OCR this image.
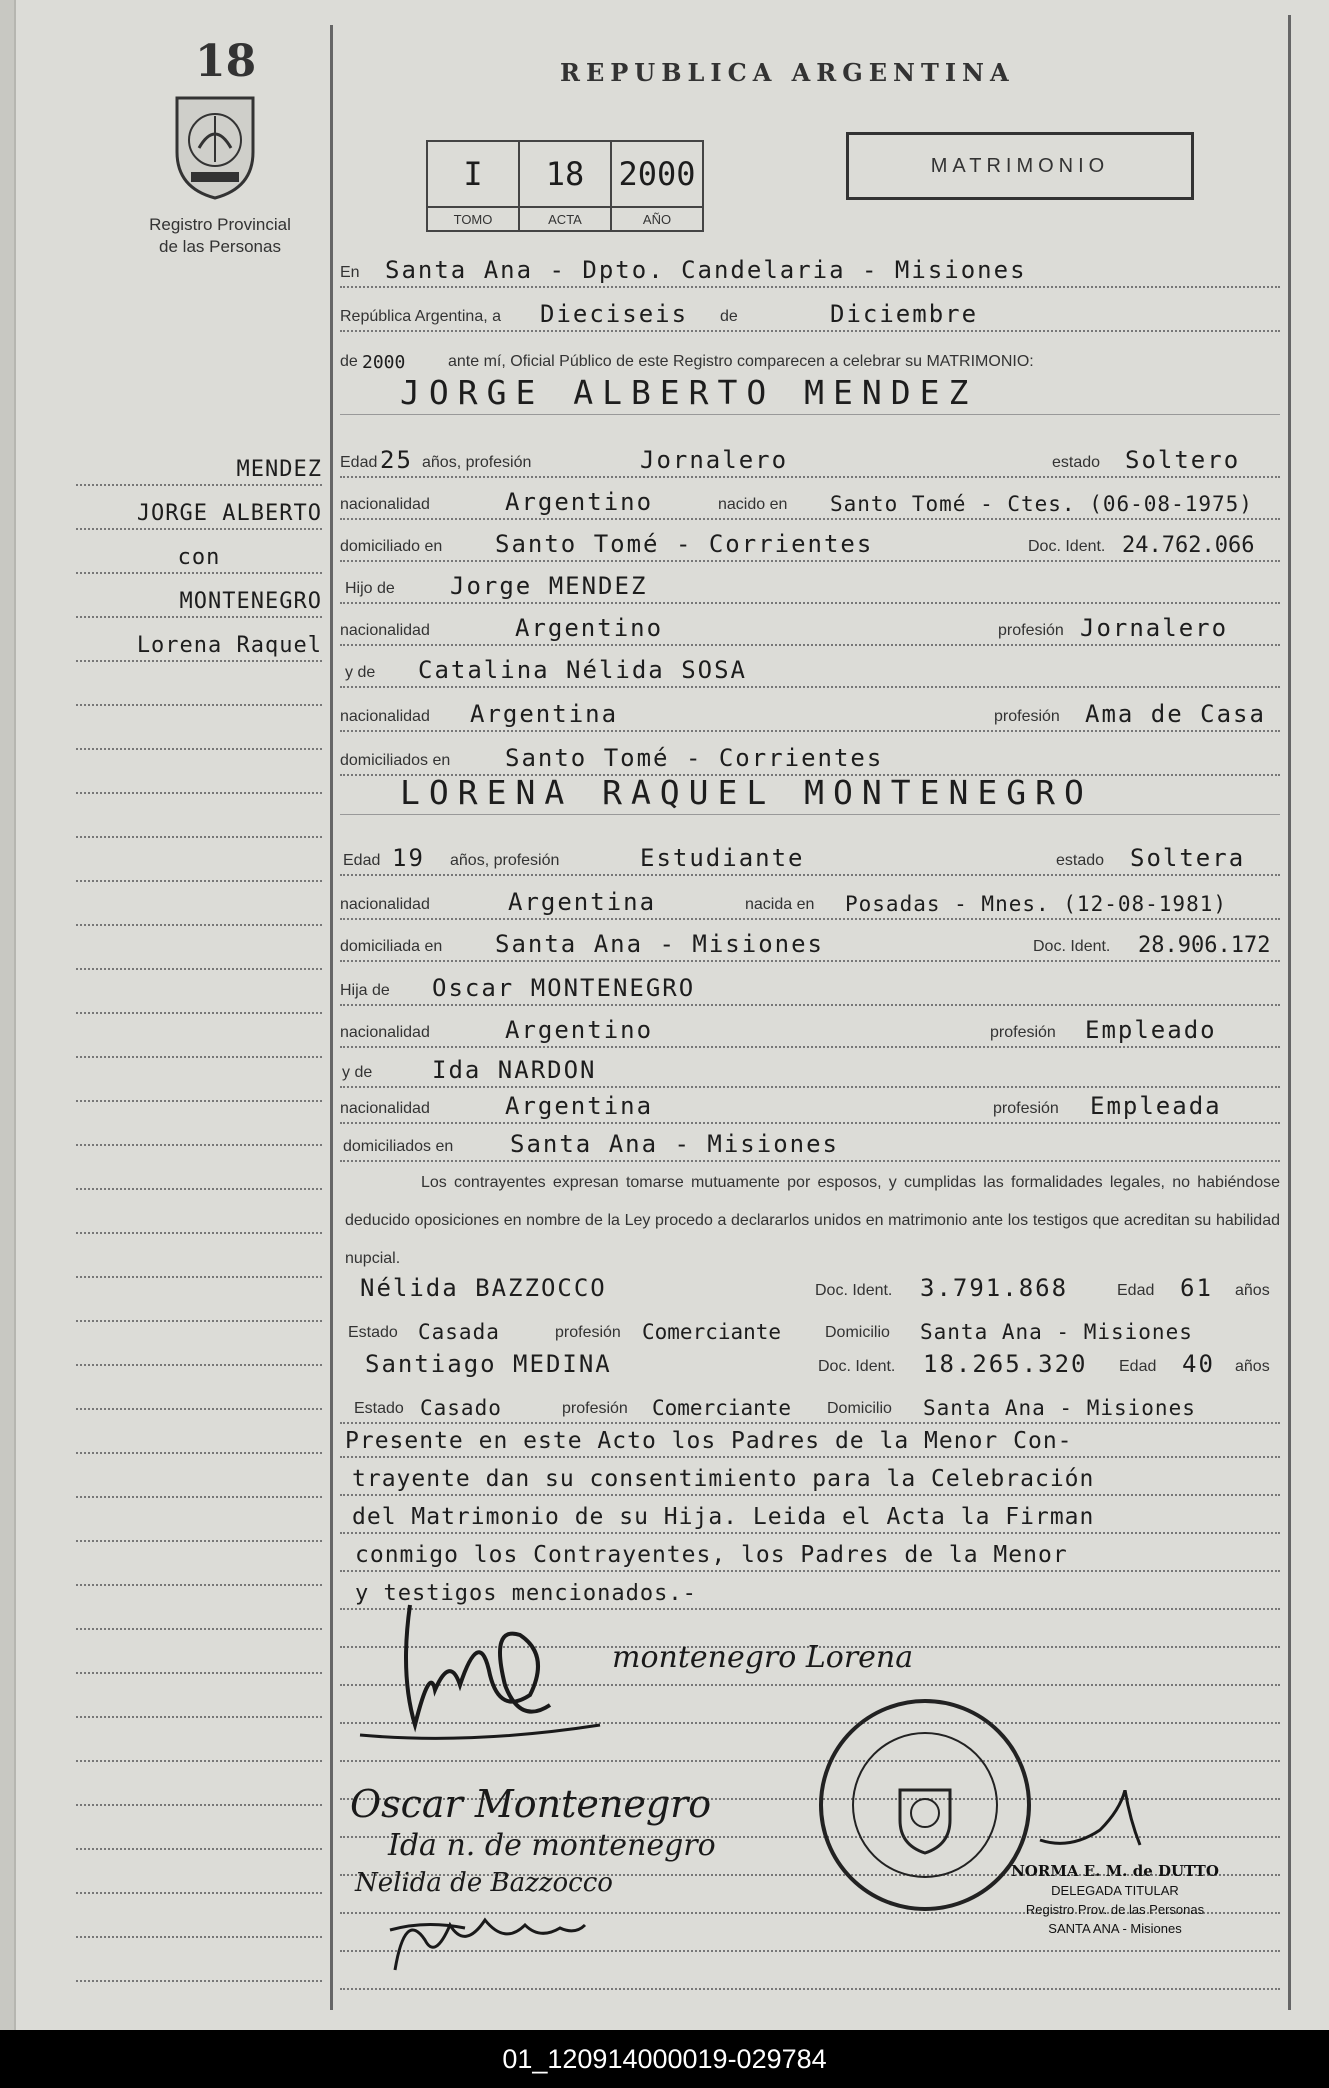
18
Registro Provincial
de las Personas
REPUBLICA ARGENTINA
I	18	2000
TOMO	ACTA	AÑO
MATRIMONIO
En Santa Ana - Dpto. Candelaria - Misiones
República Argentina, a Dieciseis de	Diciembre
de 2000	ante mí, Oficial Público de este Registro comparecen a celebrar su MATRIMONIO:
MENDEZ
JORGE ALBERTO
con
MONTENEGRO
Lorena Raquel
JORGE ALBERTO MENDEZ
Edad 25 años, profesión	Jornalero	estado Soltero
nacionalidad	Argentino	nacido en Santo Tomé - Ctes. (06-08-1975)
domiciliado en Santo Tomé - Corrientes	Doc. Ident. 24.762.066
Hijo de Jorge MENDEZ
nacionalidad	Argentino	profesión Jornalero
y de Catalina Nélida SOSA
nacionalidad Argentina	profesión Ama de Casa
domiciliados en Santo Tomé - Corrientes
LORENA RAQUEL MONTENEGRO
Edad 19 años, profesión	Estudiante	estado Soltera
nacionalidad	Argentina	nacida en Posadas - Mnes. (12-08-1981)
domiciliada en Santa Ana - Misiones	Doc. Ident. 28.906.172
Hija de Oscar MONTENEGRO
nacionalidad	Argentino	profesión Empleado
y de Ida NARDON
nacionalidad	Argentina	profesión Empleada
domiciliados en Santa Ana - Misiones
Los contrayentes expresan tomarse mutuamente por esposos, y cumplidas las formalidades legales, no habiéndose deducido oposiciones en nombre de la Ley procedo a declararlos unidos en matrimonio ante los testigos que acreditan su habilidad nupcial.
Nélida BAZZOCCO	Doc. Ident. 3.791.868	Edad 61 años
Estado Casada	profesión Comerciante	Domicilio Santa Ana - Misiones
Santiago MEDINA	Doc. Ident. 18.265.320 Edad 40 años
Estado Casado	profesión Comerciante Domicilio Santa Ana - Misiones
Presente en este Acto los Padres de la Menor Con-
trayente dan su consentimiento para la Celebración
del Matrimonio de su Hija. Leida el Acta la Firman
conmigo los Contrayentes, los Padres de la Menor
y testigos mencionados.-
montenegro Lorena
Oscar Montenegro
Ida n. de montenegro
Nelida de Bazzocco	NORMA E. M. de DUTTO
DELEGADA TITULAR
Registro Prov. de las Personas
SANTA ANA - Misiones
01_120914000019-029784
